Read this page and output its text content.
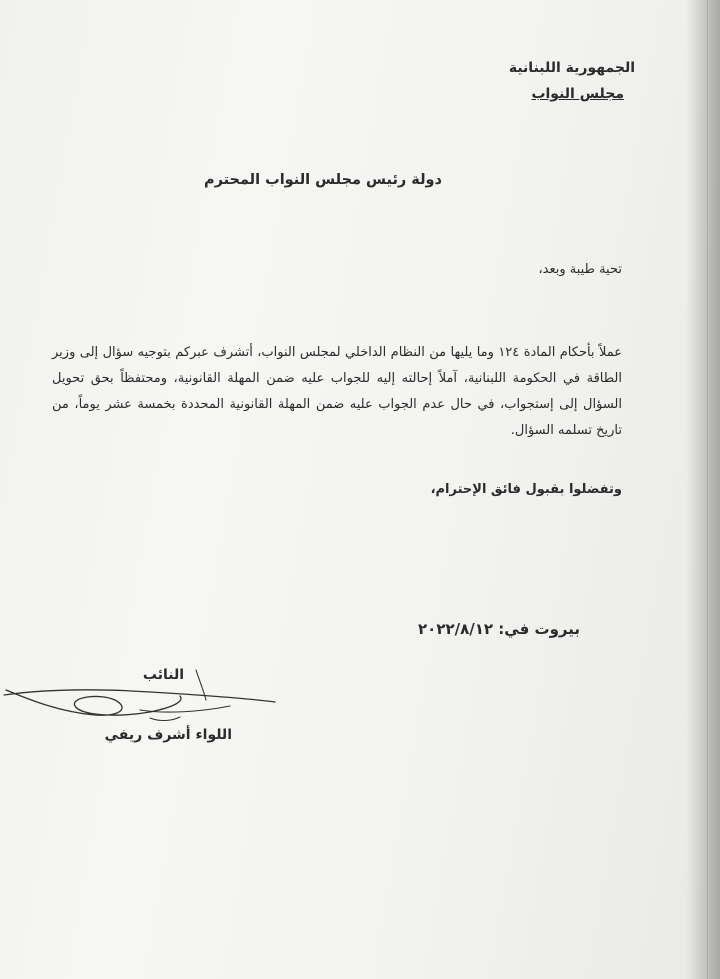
الجمهورية اللبنانية
مجلس النواب
دولة رئيس مجلس النواب المحترم
تحية طيبة وبعد،
عملاً بأحكام المادة ١٢٤ وما يليها من النظام الداخلي لمجلس النواب، أتشرف عبركم بتوجيه سؤال إلى وزير الطاقة في الحكومة اللبنانية، آملاً إحالته إليه للجواب عليه ضمن المهلة القانونية، ومحتفظاً بحق تحويل السؤال إلى إستجواب، في حال عدم الجواب عليه ضمن المهلة القانونية المحددة بخمسة عشر يوماً، من تاريخ تسلمه السؤال.
وتفضلوا بقبول فائق الإحترام،
بيروت في: ٢٠٢٢/٨/١٢
النائب
اللواء أشرف ريفي
